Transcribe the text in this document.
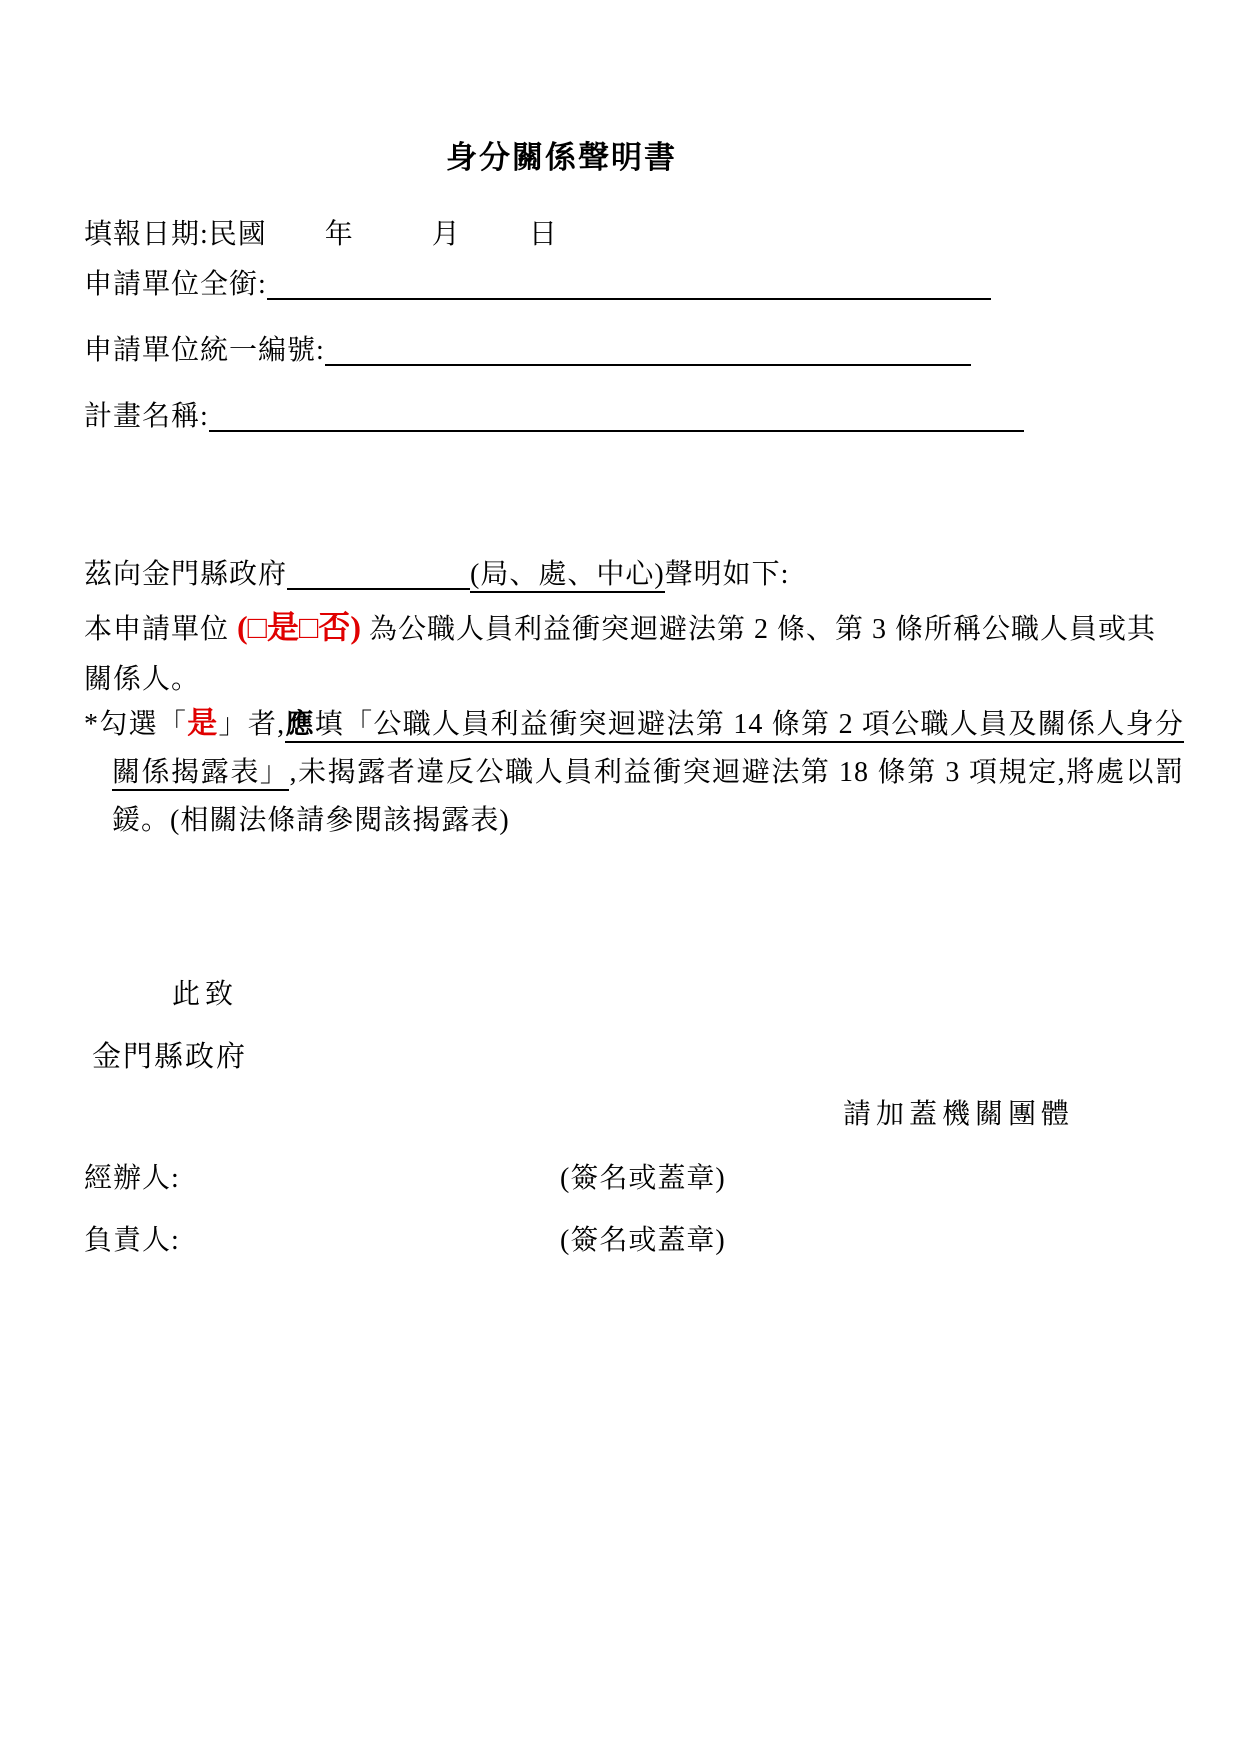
身分關係聲明書
填報日期:民國 年	月 日
申請單位全銜:
申請單位統一編號:
計畫名稱:
茲向金門縣政府	(局、處、中心)聲明如下:
本申請單位 (□是□否) 為公職人員利益衝突迴避法第 2 條、第 3 條所稱公職人員或其關係人。
*勾選「是」者,應填「公職人員利益衝突迴避法第 14 條第 2 項公職人員及關係人身分關係揭露表」,未揭露者違反公職人員利益衝突迴避法第 18 條第 3 項規定,將處以罰鍰。(相關法條請參閱該揭露表)
此致
金門縣政府
請加蓋機關團體
經辦人:	(簽名或蓋章)
負責人:	(簽名或蓋章)
